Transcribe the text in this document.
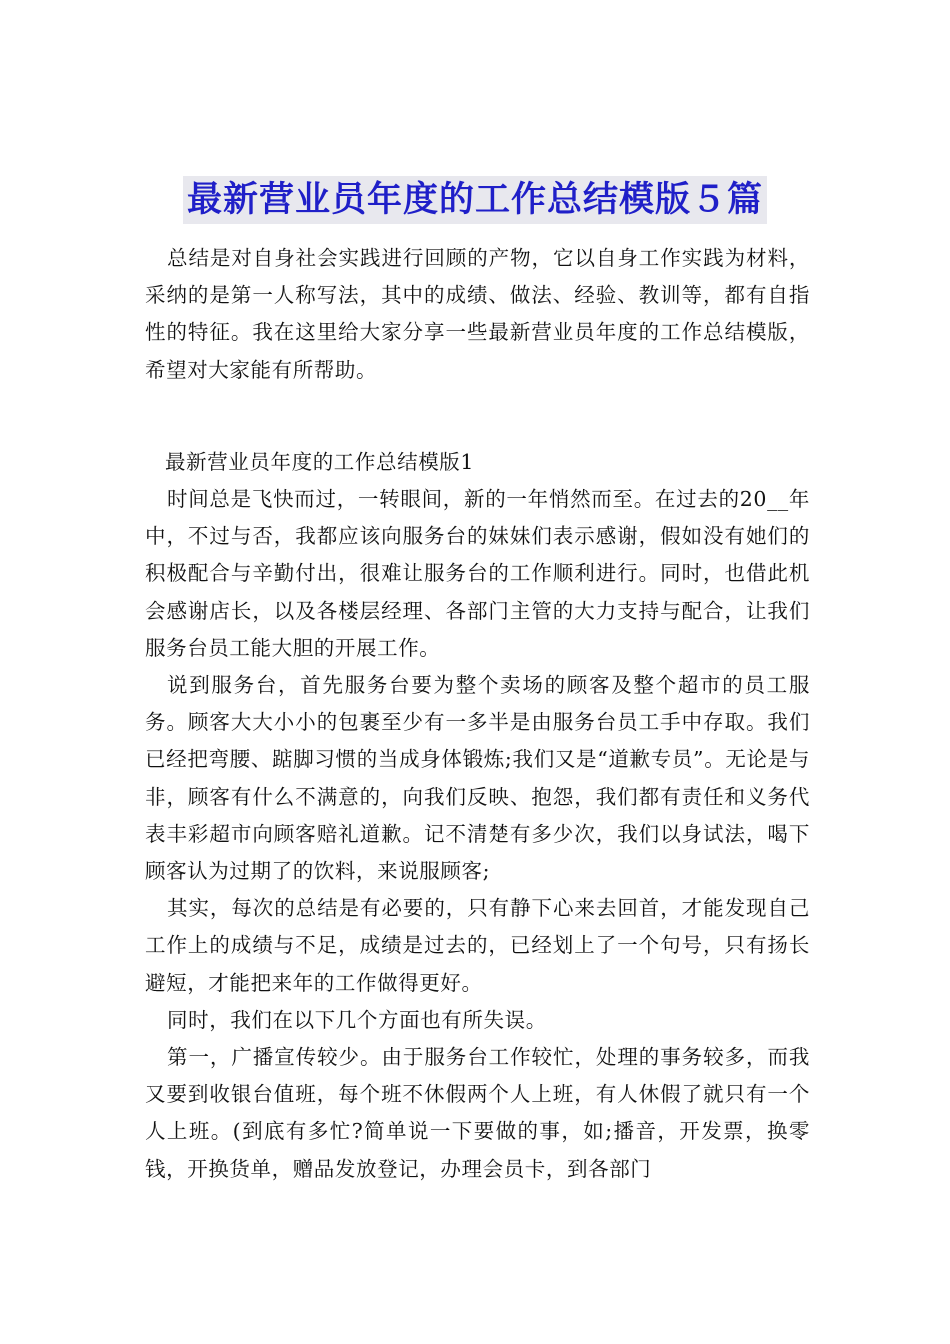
最新营业员年度的工作总结模版５篇

总结是对自身社会实践进行回顾的产物，它以自身工作实践为材料，采纳的是第一人称写法，其中的成绩、做法、经验、教训等，都有自指性的特征。我在这里给大家分享一些最新营业员年度的工作总结模版，希望对大家能有所帮助。

最新营业员年度的工作总结模版1

时间总是飞快而过，一转眼间，新的一年悄然而至。在过去的20__年中，不过与否，我都应该向服务台的妹妹们表示感谢，假如没有她们的积极配合与辛勤付出，很难让服务台的工作顺利进行。同时，也借此机会感谢店长，以及各楼层经理、各部门主管的大力支持与配合，让我们服务台员工能大胆的开展工作。

说到服务台，首先服务台要为整个卖场的顾客及整个超市的员工服务。顾客大大小小的包裹至少有一多半是由服务台员工手中存取。我们已经把弯腰、踮脚习惯的当成身体锻炼;我们又是“道歉专员”。无论是与非，顾客有什么不满意的，向我们反映、抱怨，我们都有责任和义务代表丰彩超市向顾客赔礼道歉。记不清楚有多少次，我们以身试法，喝下顾客认为过期了的饮料，来说服顾客;

其实，每次的总结是有必要的，只有静下心来去回首，才能发现自己工作上的成绩与不足，成绩是过去的，已经划上了一个句号，只有扬长避短，才能把来年的工作做得更好。

同时，我们在以下几个方面也有所失误。

第一，广播宣传较少。由于服务台工作较忙，处理的事务较多，而我又要到收银台值班，每个班不休假两个人上班，有人休假了就只有一个人上班。(到底有多忙?简单说一下要做的事，如;播音，开发票，换零钱，开换货单，赠品发放登记，办理会员卡，到各部门
